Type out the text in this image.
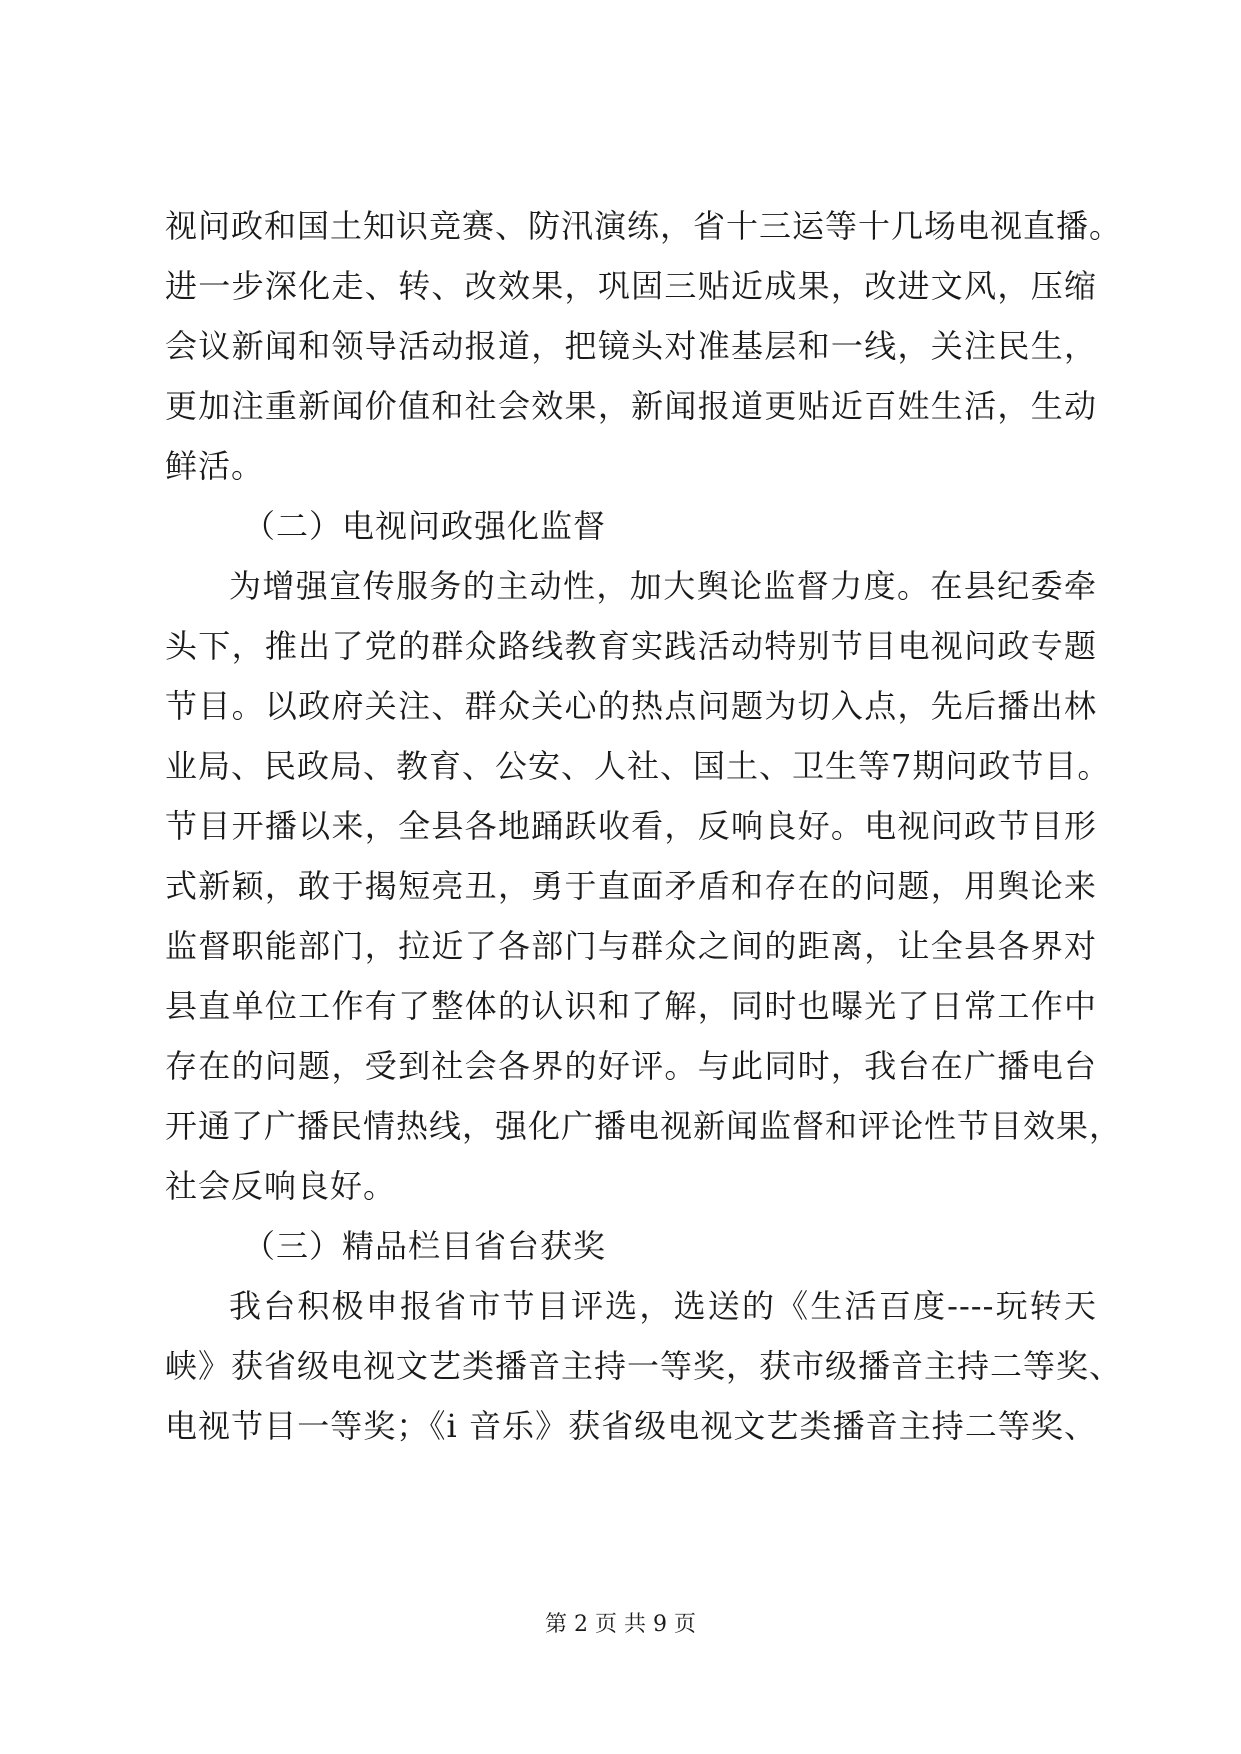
视问政和国土知识竞赛、防汛演练，省十三运等十几场电视直播。
进一步深化走、转、改效果，巩固三贴近成果，改进文风，压缩
会议新闻和领导活动报道，把镜头对准基层和一线，关注民生，
更加注重新闻价值和社会效果，新闻报道更贴近百姓生活，生动
鲜活。
（二）电视问政强化监督
为增强宣传服务的主动性，加大舆论监督力度。在县纪委牵
头下，推出了党的群众路线教育实践活动特别节目电视问政专题
节目。以政府关注、群众关心的热点问题为切入点，先后播出林
业局、民政局、教育、公安、人社、国土、卫生等7期问政节目。
节目开播以来，全县各地踊跃收看，反响良好。电视问政节目形
式新颖，敢于揭短亮丑，勇于直面矛盾和存在的问题，用舆论来
监督职能部门，拉近了各部门与群众之间的距离，让全县各界对
县直单位工作有了整体的认识和了解，同时也曝光了日常工作中
存在的问题，受到社会各界的好评。与此同时，我台在广播电台
开通了广播民情热线，强化广播电视新闻监督和评论性节目效果，
社会反响良好。
（三）精品栏目省台获奖
我台积极申报省市节目评选，选送的《生活百度----玩转天
峡》获省级电视文艺类播音主持一等奖，获市级播音主持二等奖、
电视节目一等奖；《i 音乐》获省级电视文艺类播音主持二等奖、
第 2 页 共 9 页
